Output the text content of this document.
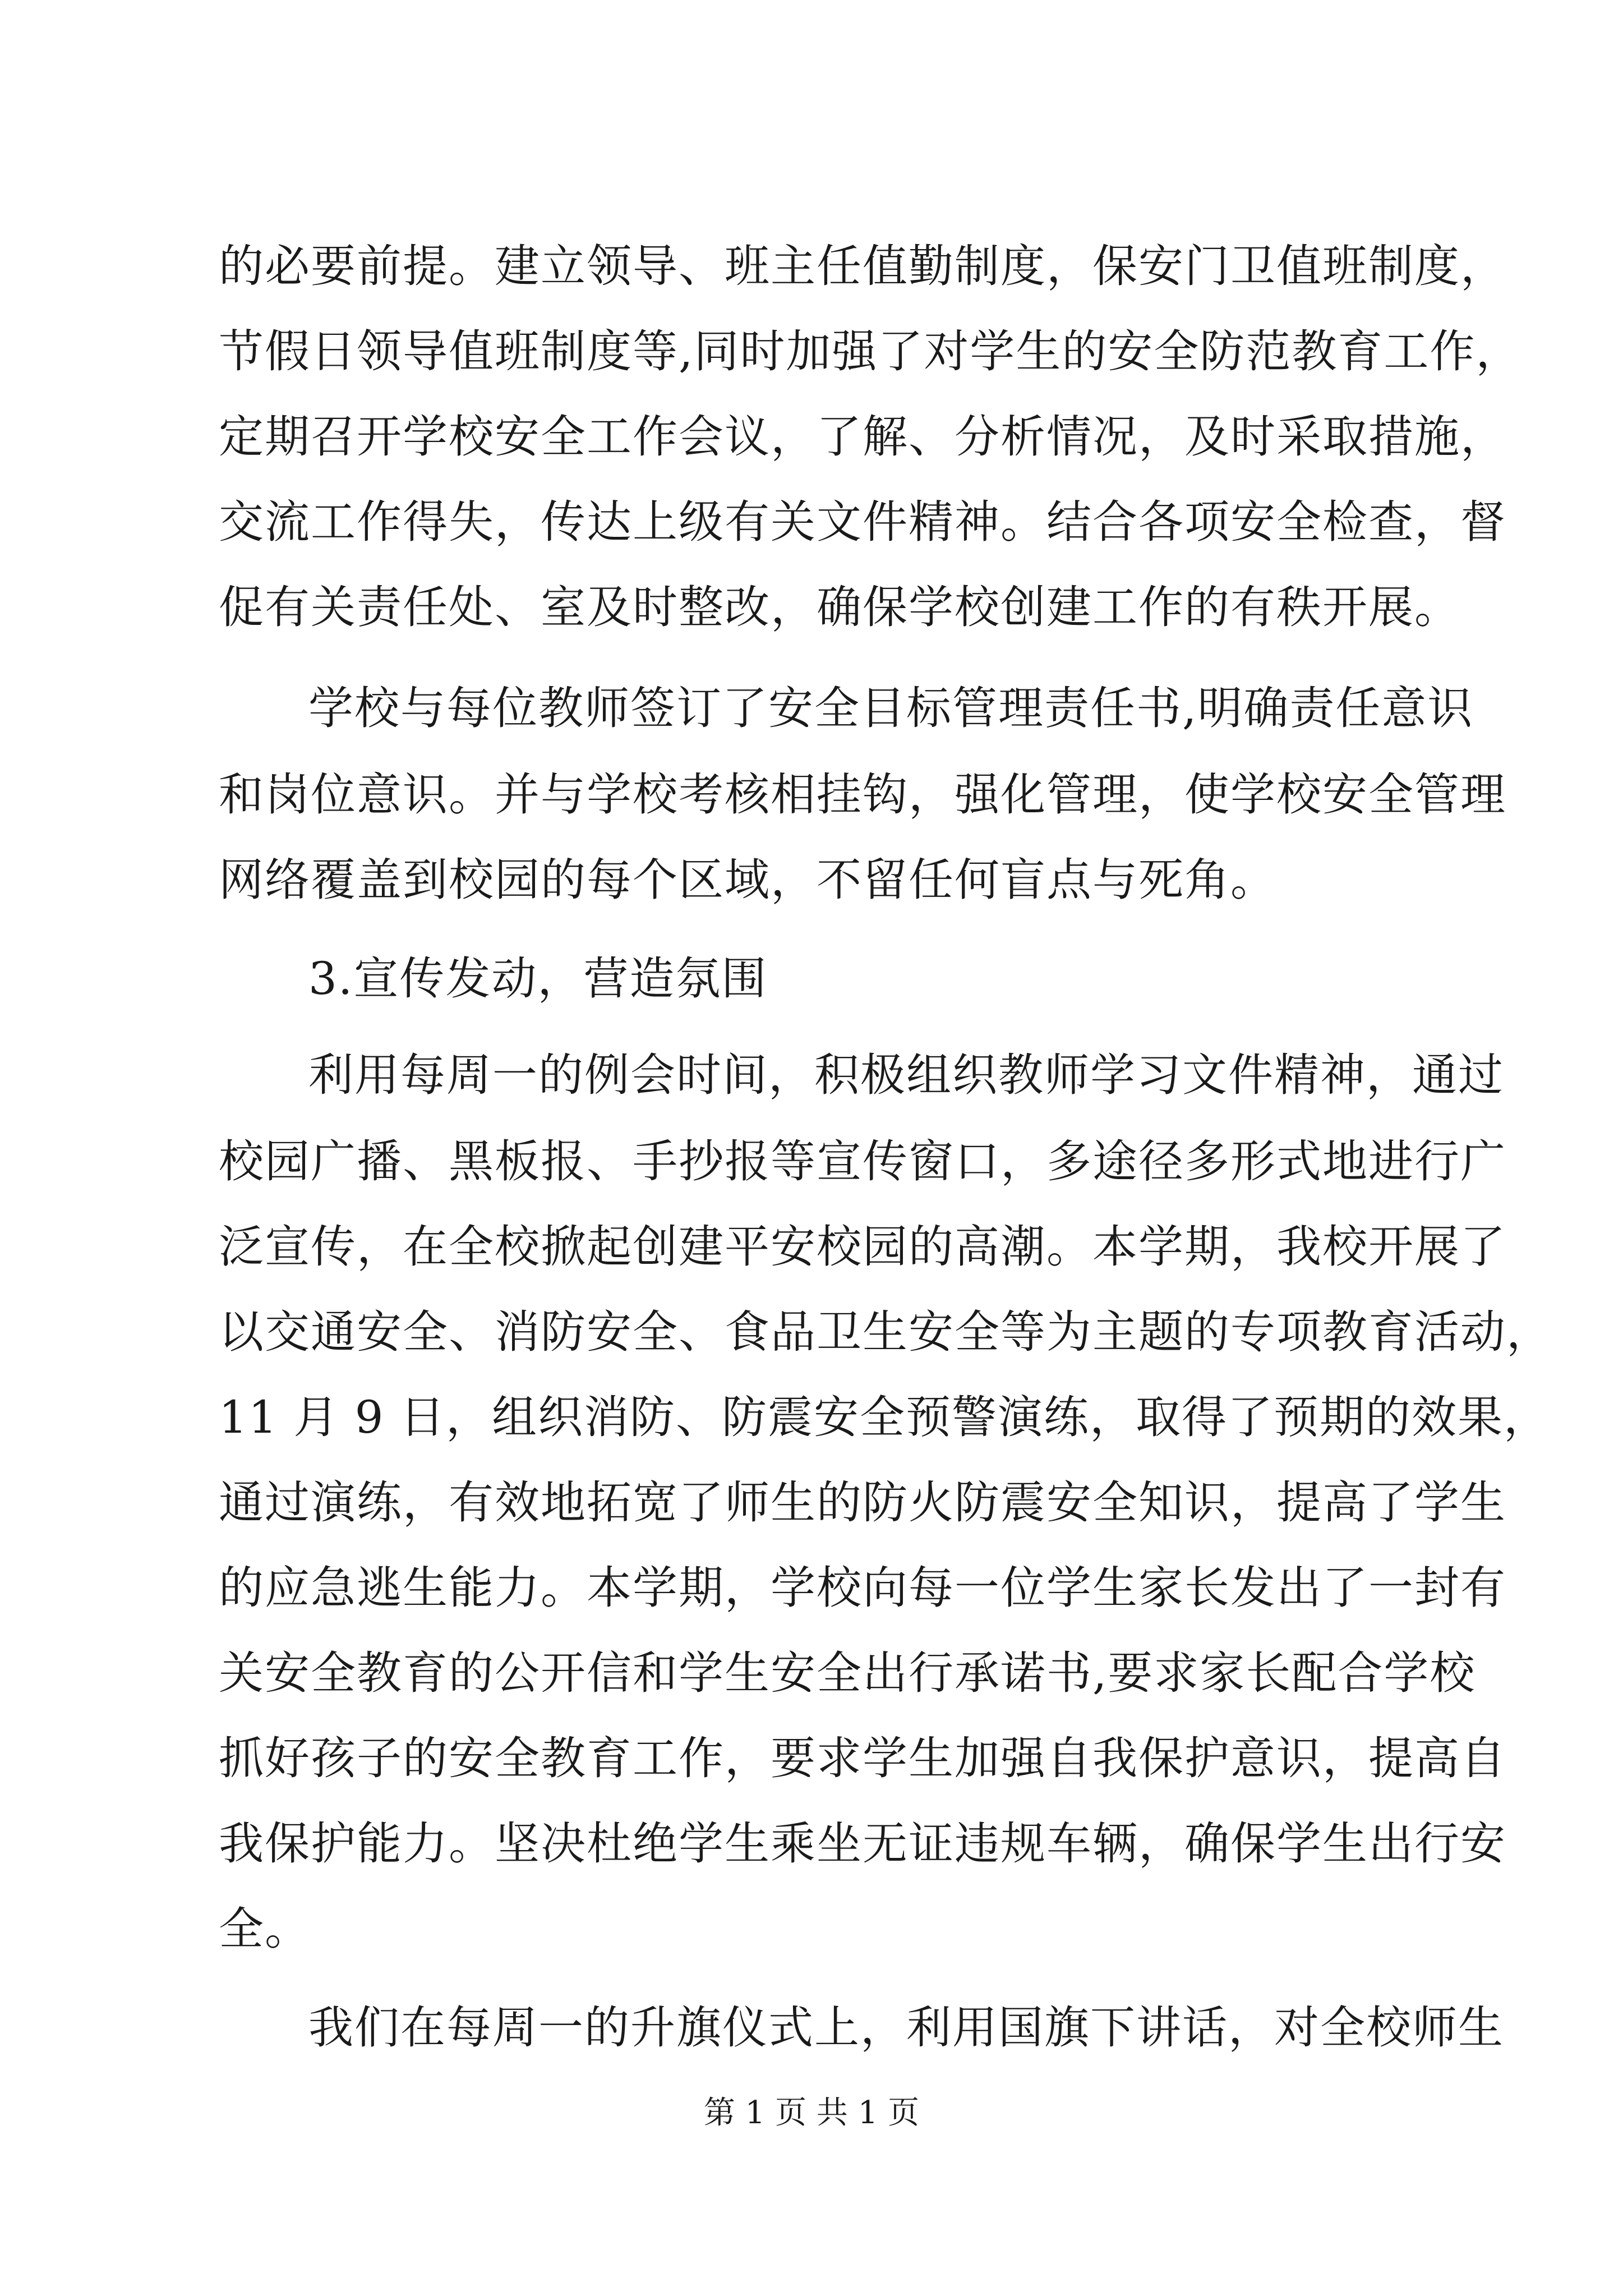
的必要前提。建立领导、班主任值勤制度，保安门卫值班制度，
节假日领导值班制度等,同时加强了对学生的安全防范教育工作，
定期召开学校安全工作会议，了解、分析情况，及时采取措施，
交流工作得失，传达上级有关文件精神。结合各项安全检查，督
促有关责任处、室及时整改，确保学校创建工作的有秩开展。
学校与每位教师签订了安全目标管理责任书,明确责任意识
和岗位意识。并与学校考核相挂钩，强化管理，使学校安全管理
网络覆盖到校园的每个区域，不留任何盲点与死角。
3.宣传发动，营造氛围
利用每周一的例会时间，积极组织教师学习文件精神，通过
校园广播、黑板报、手抄报等宣传窗口，多途径多形式地进行广
泛宣传，在全校掀起创建平安校园的高潮。本学期，我校开展了
以交通安全、消防安全、食品卫生安全等为主题的专项教育活动，
11 月 9 日，组织消防、防震安全预警演练，取得了预期的效果，
通过演练，有效地拓宽了师生的防火防震安全知识，提高了学生
的应急逃生能力。本学期，学校向每一位学生家长发出了一封有
关安全教育的公开信和学生安全出行承诺书,要求家长配合学校
抓好孩子的安全教育工作，要求学生加强自我保护意识，提高自
我保护能力。坚决杜绝学生乘坐无证违规车辆，确保学生出行安
全。
我们在每周一的升旗仪式上，利用国旗下讲话，对全校师生
第 1 页 共 1 页
